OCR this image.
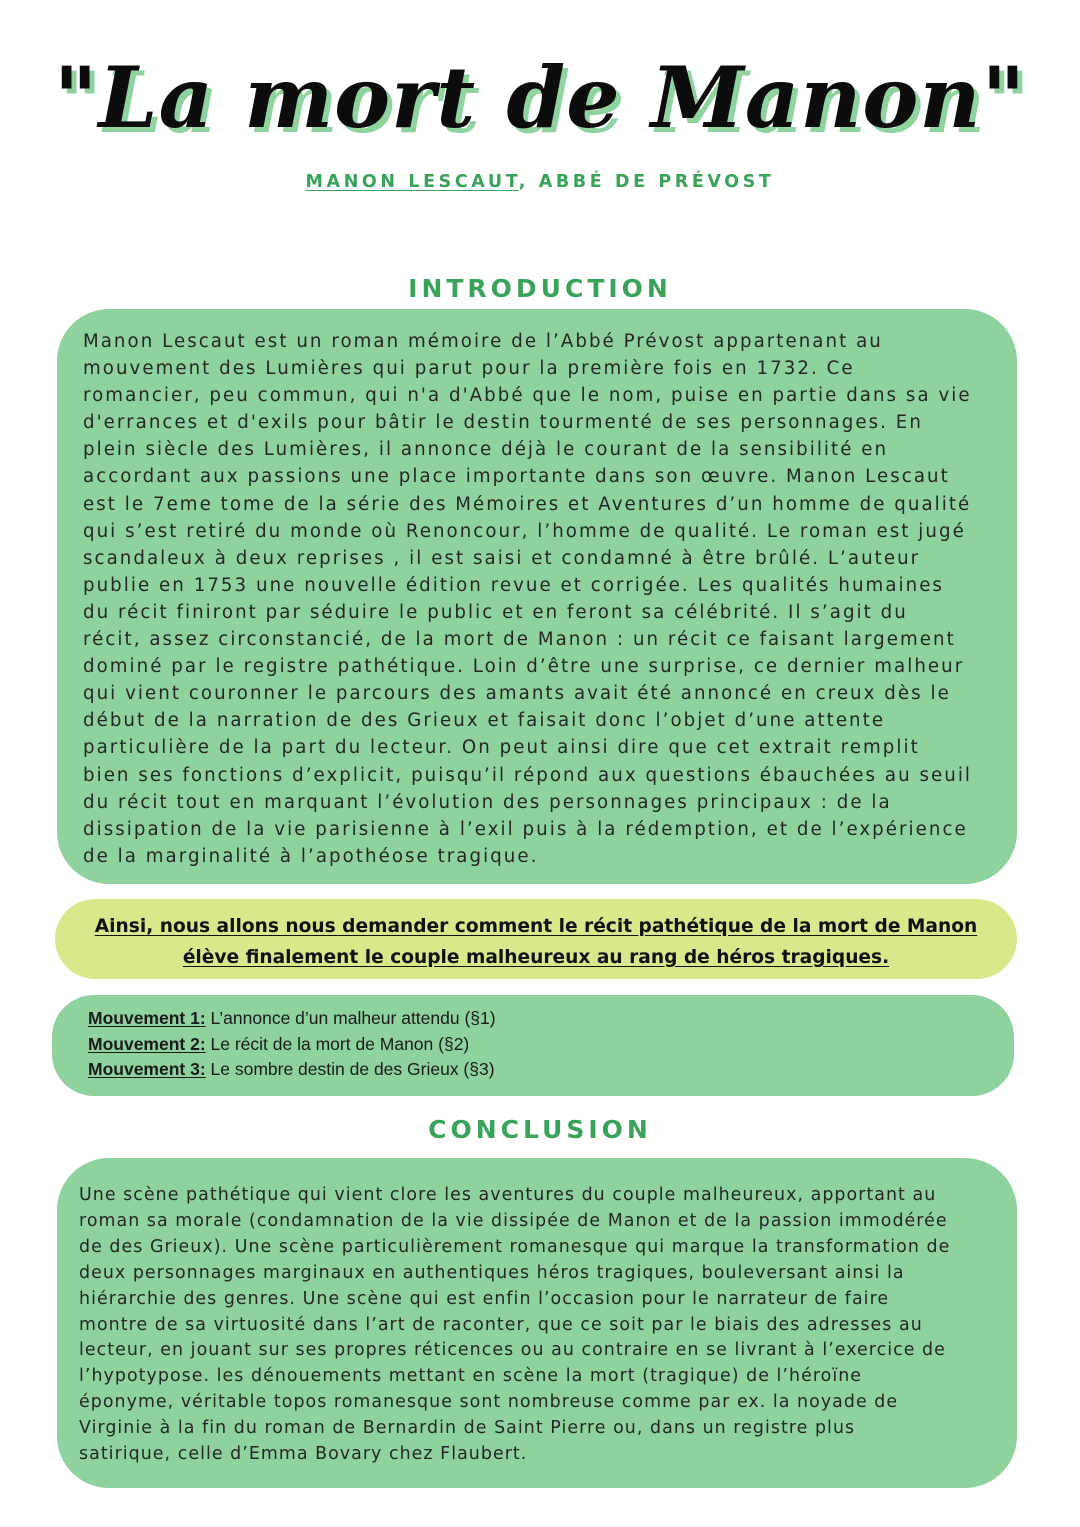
"La mort de Manon"
MANON LESCAUT, ABBÉ DE PRÉVOST
INTRODUCTION
Manon Lescaut est un roman mémoire de l’Abbé Prévost appartenant au
mouvement des Lumières qui parut pour la première fois en 1732. Ce
romancier, peu commun, qui n'a d'Abbé que le nom, puise en partie dans sa vie
d'errances et d'exils pour bâtir le destin tourmenté de ses personnages. En
plein siècle des Lumières, il annonce déjà le courant de la sensibilité en
accordant aux passions une place importante dans son œuvre. Manon Lescaut
est le 7eme tome de la série des Mémoires et Aventures d’un homme de qualité
qui s’est retiré du monde où Renoncour, l’homme de qualité. Le roman est jugé
scandaleux à deux reprises , il est saisi et condamné à être brûlé. L’auteur
publie en 1753 une nouvelle édition revue et corrigée. Les qualités humaines
du récit finiront par séduire le public et en feront sa célébrité. Il s’agit du
récit, assez circonstancié, de la mort de Manon : un récit ce faisant largement
dominé par le registre pathétique. Loin d’être une surprise, ce dernier malheur
qui vient couronner le parcours des amants avait été annoncé en creux dès le
début de la narration de des Grieux et faisait donc l’objet d’une attente
particulière de la part du lecteur. On peut ainsi dire que cet extrait remplit
bien ses fonctions d’explicit, puisqu’il répond aux questions ébauchées au seuil
du récit tout en marquant l’évolution des personnages principaux : de la
dissipation de la vie parisienne à l’exil puis à la rédemption, et de l’expérience
de la marginalité à l’apothéose tragique.
Ainsi, nous allons nous demander comment le récit pathétique de la mort de Manon
élève finalement le couple malheureux au rang de héros tragiques.
Mouvement 1: L’annonce d’un malheur attendu (§1)
Mouvement 2: Le récit de la mort de Manon (§2)
Mouvement 3: Le sombre destin de des Grieux (§3)
CONCLUSION
Une scène pathétique qui vient clore les aventures du couple malheureux, apportant au
roman sa morale (condamnation de la vie dissipée de Manon et de la passion immodérée
de des Grieux). Une scène particulièrement romanesque qui marque la transformation de
deux personnages marginaux en authentiques héros tragiques, bouleversant ainsi la
hiérarchie des genres. Une scène qui est enfin l’occasion pour le narrateur de faire
montre de sa virtuosité dans l’art de raconter, que ce soit par le biais des adresses au
lecteur, en jouant sur ses propres réticences ou au contraire en se livrant à l’exercice de
l’hypotypose. les dénouements mettant en scène la mort (tragique) de l’héroïne
éponyme, véritable topos romanesque sont nombreuse comme par ex. la noyade de
Virginie à la fin du roman de Bernardin de Saint Pierre ou, dans un registre plus
satirique, celle d’Emma Bovary chez Flaubert.
